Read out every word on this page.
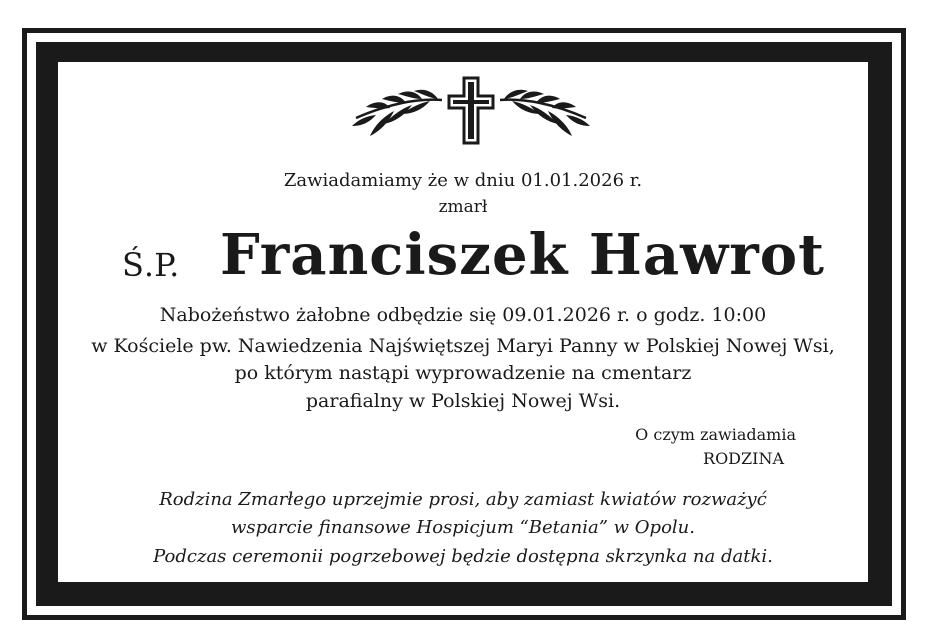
Zawiadamiamy że w dniu 01.01.2026 r.
zmarł
Ś.P. Franciszek Hawrot
Nabożeństwo żałobne odbędzie się 09.01.2026 r. o godz. 10:00
w Kościele pw. Nawiedzenia Najświętszej Maryi Panny w Polskiej Nowej Wsi,
po którym nastąpi wyprowadzenie na cmentarz
parafialny w Polskiej Nowej Wsi.
O czym zawiadamia
RODZINA
Rodzina Zmarłego uprzejmie prosi, aby zamiast kwiatów rozważyć
wsparcie finansowe Hospicjum “Betania” w Opolu.
Podczas ceremonii pogrzebowej będzie dostępna skrzynka na datki.
